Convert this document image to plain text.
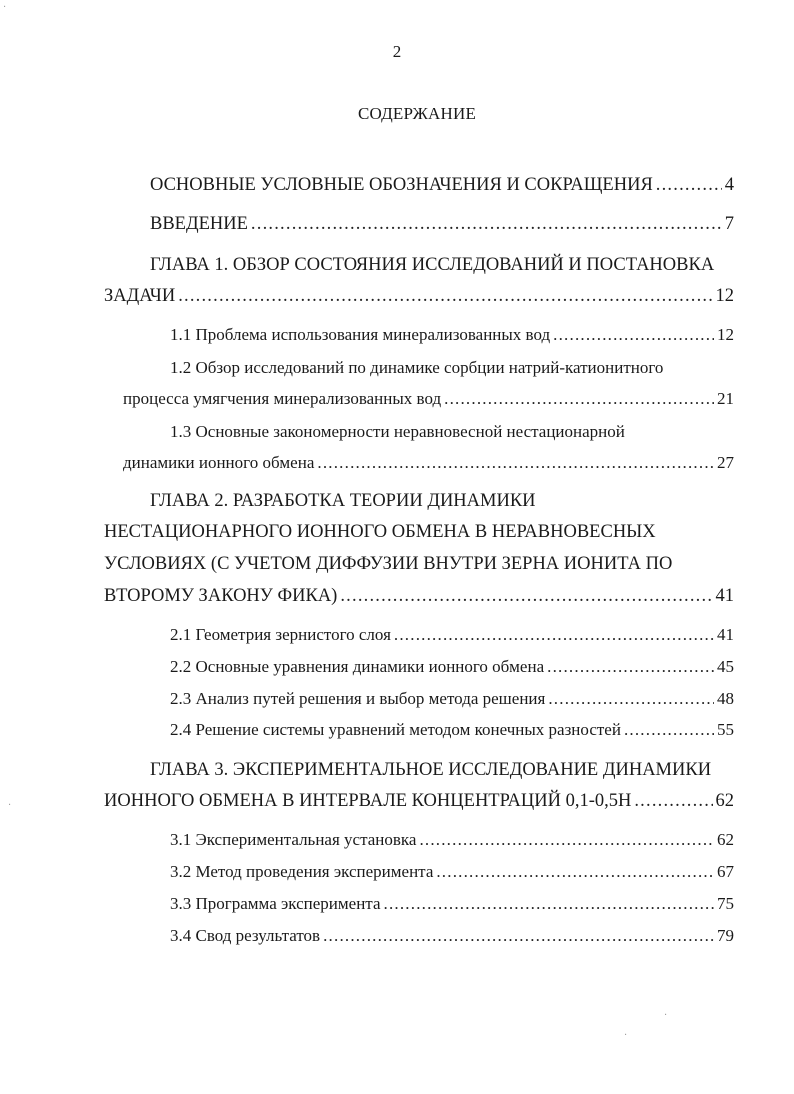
2
СОДЕРЖАНИЕ
ОСНОВНЫЕ УСЛОВНЫЕ ОБОЗНАЧЕНИЯ И СОКРАЩЕНИЯ .....	4
ВВЕДЕНИЕ .....	7
ГЛАВА 1. ОБЗОР СОСТОЯНИЯ ИССЛЕДОВАНИЙ И ПОСТАНОВКА
ЗАДАЧИ .....	12
1.1 Проблема использования минерализованных вод .....	12
1.2 Обзор исследований по динамике сорбции натрий-катионитного
процесса умягчения минерализованных вод .....	21
1.3 Основные закономерности неравновесной нестационарной
динамики ионного обмена .....	27
ГЛАВА 2. РАЗРАБОТКА ТЕОРИИ ДИНАМИКИ
НЕСТАЦИОНАРНОГО ИОННОГО ОБМЕНА В НЕРАВНОВЕСНЫХ
УСЛОВИЯХ (С УЧЕТОМ ДИФФУЗИИ ВНУТРИ ЗЕРНА ИОНИТА ПО
ВТОРОМУ ЗАКОНУ ФИКА) .....	41
2.1 Геометрия зернистого слоя .....	41
2.2 Основные уравнения динамики ионного обмена .....	45
2.3 Анализ путей решения и выбор метода решения .....	48
2.4 Решение системы уравнений методом конечных разностей .....	55
ГЛАВА 3. ЭКСПЕРИМЕНТАЛЬНОЕ ИССЛЕДОВАНИЕ ДИНАМИКИ
ИОННОГО ОБМЕНА В ИНТЕРВАЛЕ КОНЦЕНТРАЦИЙ 0,1-0,5Н .....	62
3.1 Экспериментальная установка .....	62
3.2 Метод проведения эксперимента .....	67
3.3 Программа эксперимента .....	75
3.4 Свод результатов .....	79
·
·
·
·
